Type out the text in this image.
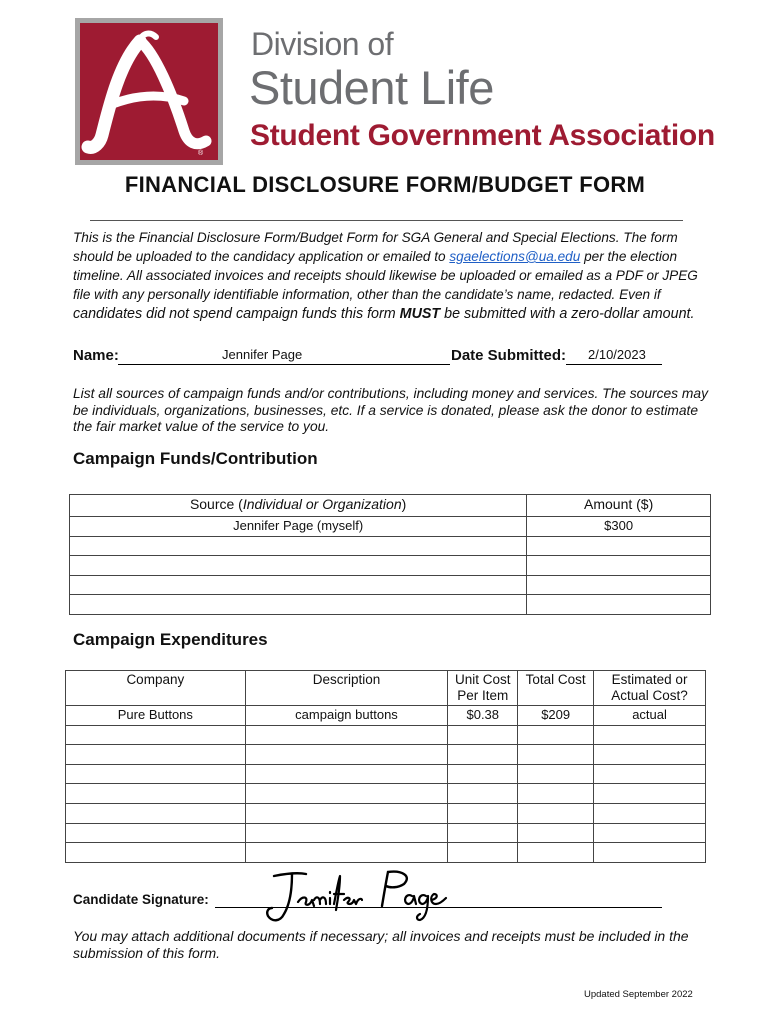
®
Division of
Student Life
Student Government Association
FINANCIAL DISCLOSURE FORM/BUDGET FORM
This is the Financial Disclosure Form/Budget Form for SGA General and Special Elections. The form should be uploaded to the candidacy application or emailed to sgaelections@ua.edu per the election timeline. All associated invoices and receipts should likewise be uploaded or emailed as a PDF or JPEG file with any personally identifiable information, other than the candidate’s name, redacted. Even if candidates did not spend campaign funds this form MUST be submitted with a zero-dollar amount.
Name:	Jennifer Page	Date Submitted: 2/10/2023
List all sources of campaign funds and/or contributions, including money and services. The sources may be individuals, organizations, businesses, etc. If a service is donated, please ask the donor to estimate the fair market value of the service to you.
Campaign Funds/Contribution
Source (Individual or Organization)	Amount ($)
Jennifer Page (myself)	$300

Campaign Expenditures
Company	Description	Unit Cost Per Item	Total Cost	Estimated or Actual Cost?
Pure Buttons	campaign buttons	$0.38	$209	actual

Candidate Signature:
You may attach additional documents if necessary; all invoices and receipts must be included in the submission of this form.
Updated September 2022
